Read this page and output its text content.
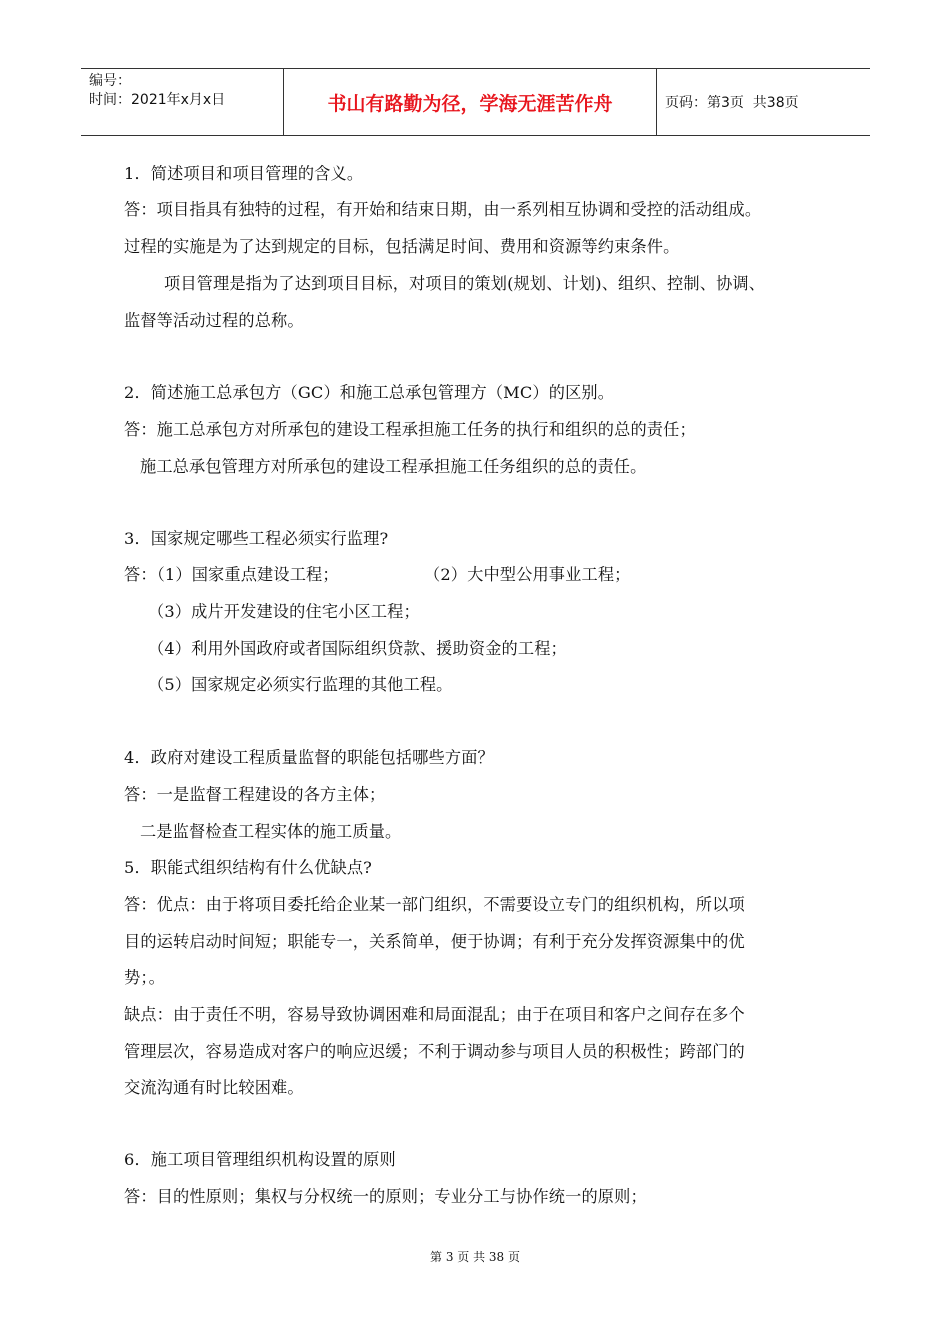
编号：
时间：2021年x月x日	书山有路勤为径，学海无涯苦作舟	页码：第3页  共38页
1．简述项目和项目管理的含义。
答：项目指具有独特的过程，有开始和结束日期，由一系列相互协调和受控的活动组成。
过程的实施是为了达到规定的目标，包括满足时间、费用和资源等约束条件。
项目管理是指为了达到项目目标，对项目的策划(规划、计划)、组织、控制、协调、
监督等活动过程的总称。
2．简述施工总承包方（GC）和施工总承包管理方（MC）的区别。
答：施工总承包方对所承包的建设工程承担施工任务的执行和组织的总的责任；
施工总承包管理方对所承包的建设工程承担施工任务组织的总的责任。
3．国家规定哪些工程必须实行监理?
答：（1）国家重点建设工程；	（2）大中型公用事业工程；
（3）成片开发建设的住宅小区工程；
（4）利用外国政府或者国际组织贷款、援助资金的工程；
（5）国家规定必须实行监理的其他工程。
4．政府对建设工程质量监督的职能包括哪些方面？
答：一是监督工程建设的各方主体；
二是监督检查工程实体的施工质量。
5．职能式组织结构有什么优缺点?
答：优点：由于将项目委托给企业某一部门组织，不需要设立专门的组织机构，所以项
目的运转启动时间短；职能专一，关系简单，便于协调；有利于充分发挥资源集中的优
势；。
缺点：由于责任不明，容易导致协调困难和局面混乱；由于在项目和客户之间存在多个
管理层次，容易造成对客户的响应迟缓；不利于调动参与项目人员的积极性；跨部门的
交流沟通有时比较困难。
6．施工项目管理组织机构设置的原则
答：目的性原则；集权与分权统一的原则；专业分工与协作统一的原则；
第 3 页 共 38 页
